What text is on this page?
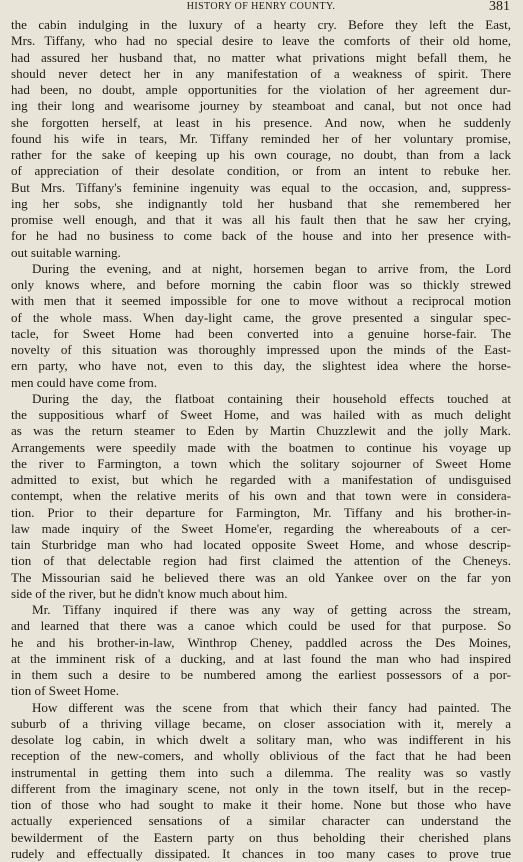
HISTORY OF HENRY COUNTY.	381
the cabin indulging in the luxury of a hearty cry. Before they left the East,
Mrs. Tiffany, who had no special desire to leave the comforts of their old home,
had assured her husband that, no matter what privations might befall them, he
should never detect her in any manifestation of a weakness of spirit. There
had been, no doubt, ample opportunities for the violation of her agreement dur-
ing their long and wearisome journey by steamboat and canal, but not once had
she forgotten herself, at least in his presence. And now, when he suddenly
found his wife in tears, Mr. Tiffany reminded her of her voluntary promise,
rather for the sake of keeping up his own courage, no doubt, than from a lack
of appreciation of their desolate condition, or from an intent to rebuke her.
But Mrs. Tiffany's feminine ingenuity was equal to the occasion, and, suppress-
ing her sobs, she indignantly told her husband that she remembered her
promise well enough, and that it was all his fault then that he saw her crying,
for he had no business to come back of the house and into her presence with-
out suitable warning.
During the evening, and at night, horsemen began to arrive from, the Lord
only knows where, and before morning the cabin floor was so thickly strewed
with men that it seemed impossible for one to move without a reciprocal motion
of the whole mass. When day-light came, the grove presented a singular spec-
tacle, for Sweet Home had been converted into a genuine horse-fair. The
novelty of this situation was thoroughly impressed upon the minds of the East-
ern party, who have not, even to this day, the slightest idea where the horse-
men could have come from.
During the day, the flatboat containing their household effects touched at
the suppositious wharf of Sweet Home, and was hailed with as much delight
as was the return steamer to Eden by Martin Chuzzlewit and the jolly Mark.
Arrangements were speedily made with the boatmen to continue his voyage up
the river to Farmington, a town which the solitary sojourner of Sweet Home
admitted to exist, but which he regarded with a manifestation of undisguised
contempt, when the relative merits of his own and that town were in considera-
tion. Prior to their departure for Farmington, Mr. Tiffany and his brother-in-
law made inquiry of the Sweet Home'er, regarding the whereabouts of a cer-
tain Sturbridge man who had located opposite Sweet Home, and whose descrip-
tion of that delectable region had first claimed the attention of the Cheneys.
The Missourian said he believed there was an old Yankee over on the far yon
side of the river, but he didn't know much about him.
Mr. Tiffany inquired if there was any way of getting across the stream,
and learned that there was a canoe which could be used for that purpose. So
he and his brother-in-law, Winthrop Cheney, paddled across the Des Moines,
at the imminent risk of a ducking, and at last found the man who had inspired
in them such a desire to be numbered among the earliest possessors of a por-
tion of Sweet Home.
How different was the scene from that which their fancy had painted. The
suburb of a thriving village became, on closer association with it, merely a
desolate log cabin, in which dwelt a solitary man, who was indifferent in his
reception of the new-comers, and wholly oblivious of the fact that he had been
instrumental in getting them into such a dilemma. The reality was so vastly
different from the imaginary scene, not only in the town itself, but in the recep-
tion of those who had sought to make it their home. None but those who have
actually experienced sensations of a similar character can understand the
bewilderment of the Eastern party on thus beholding their cherished plans
rudely and effectually dissipated. It chances in too many cases to prove true
